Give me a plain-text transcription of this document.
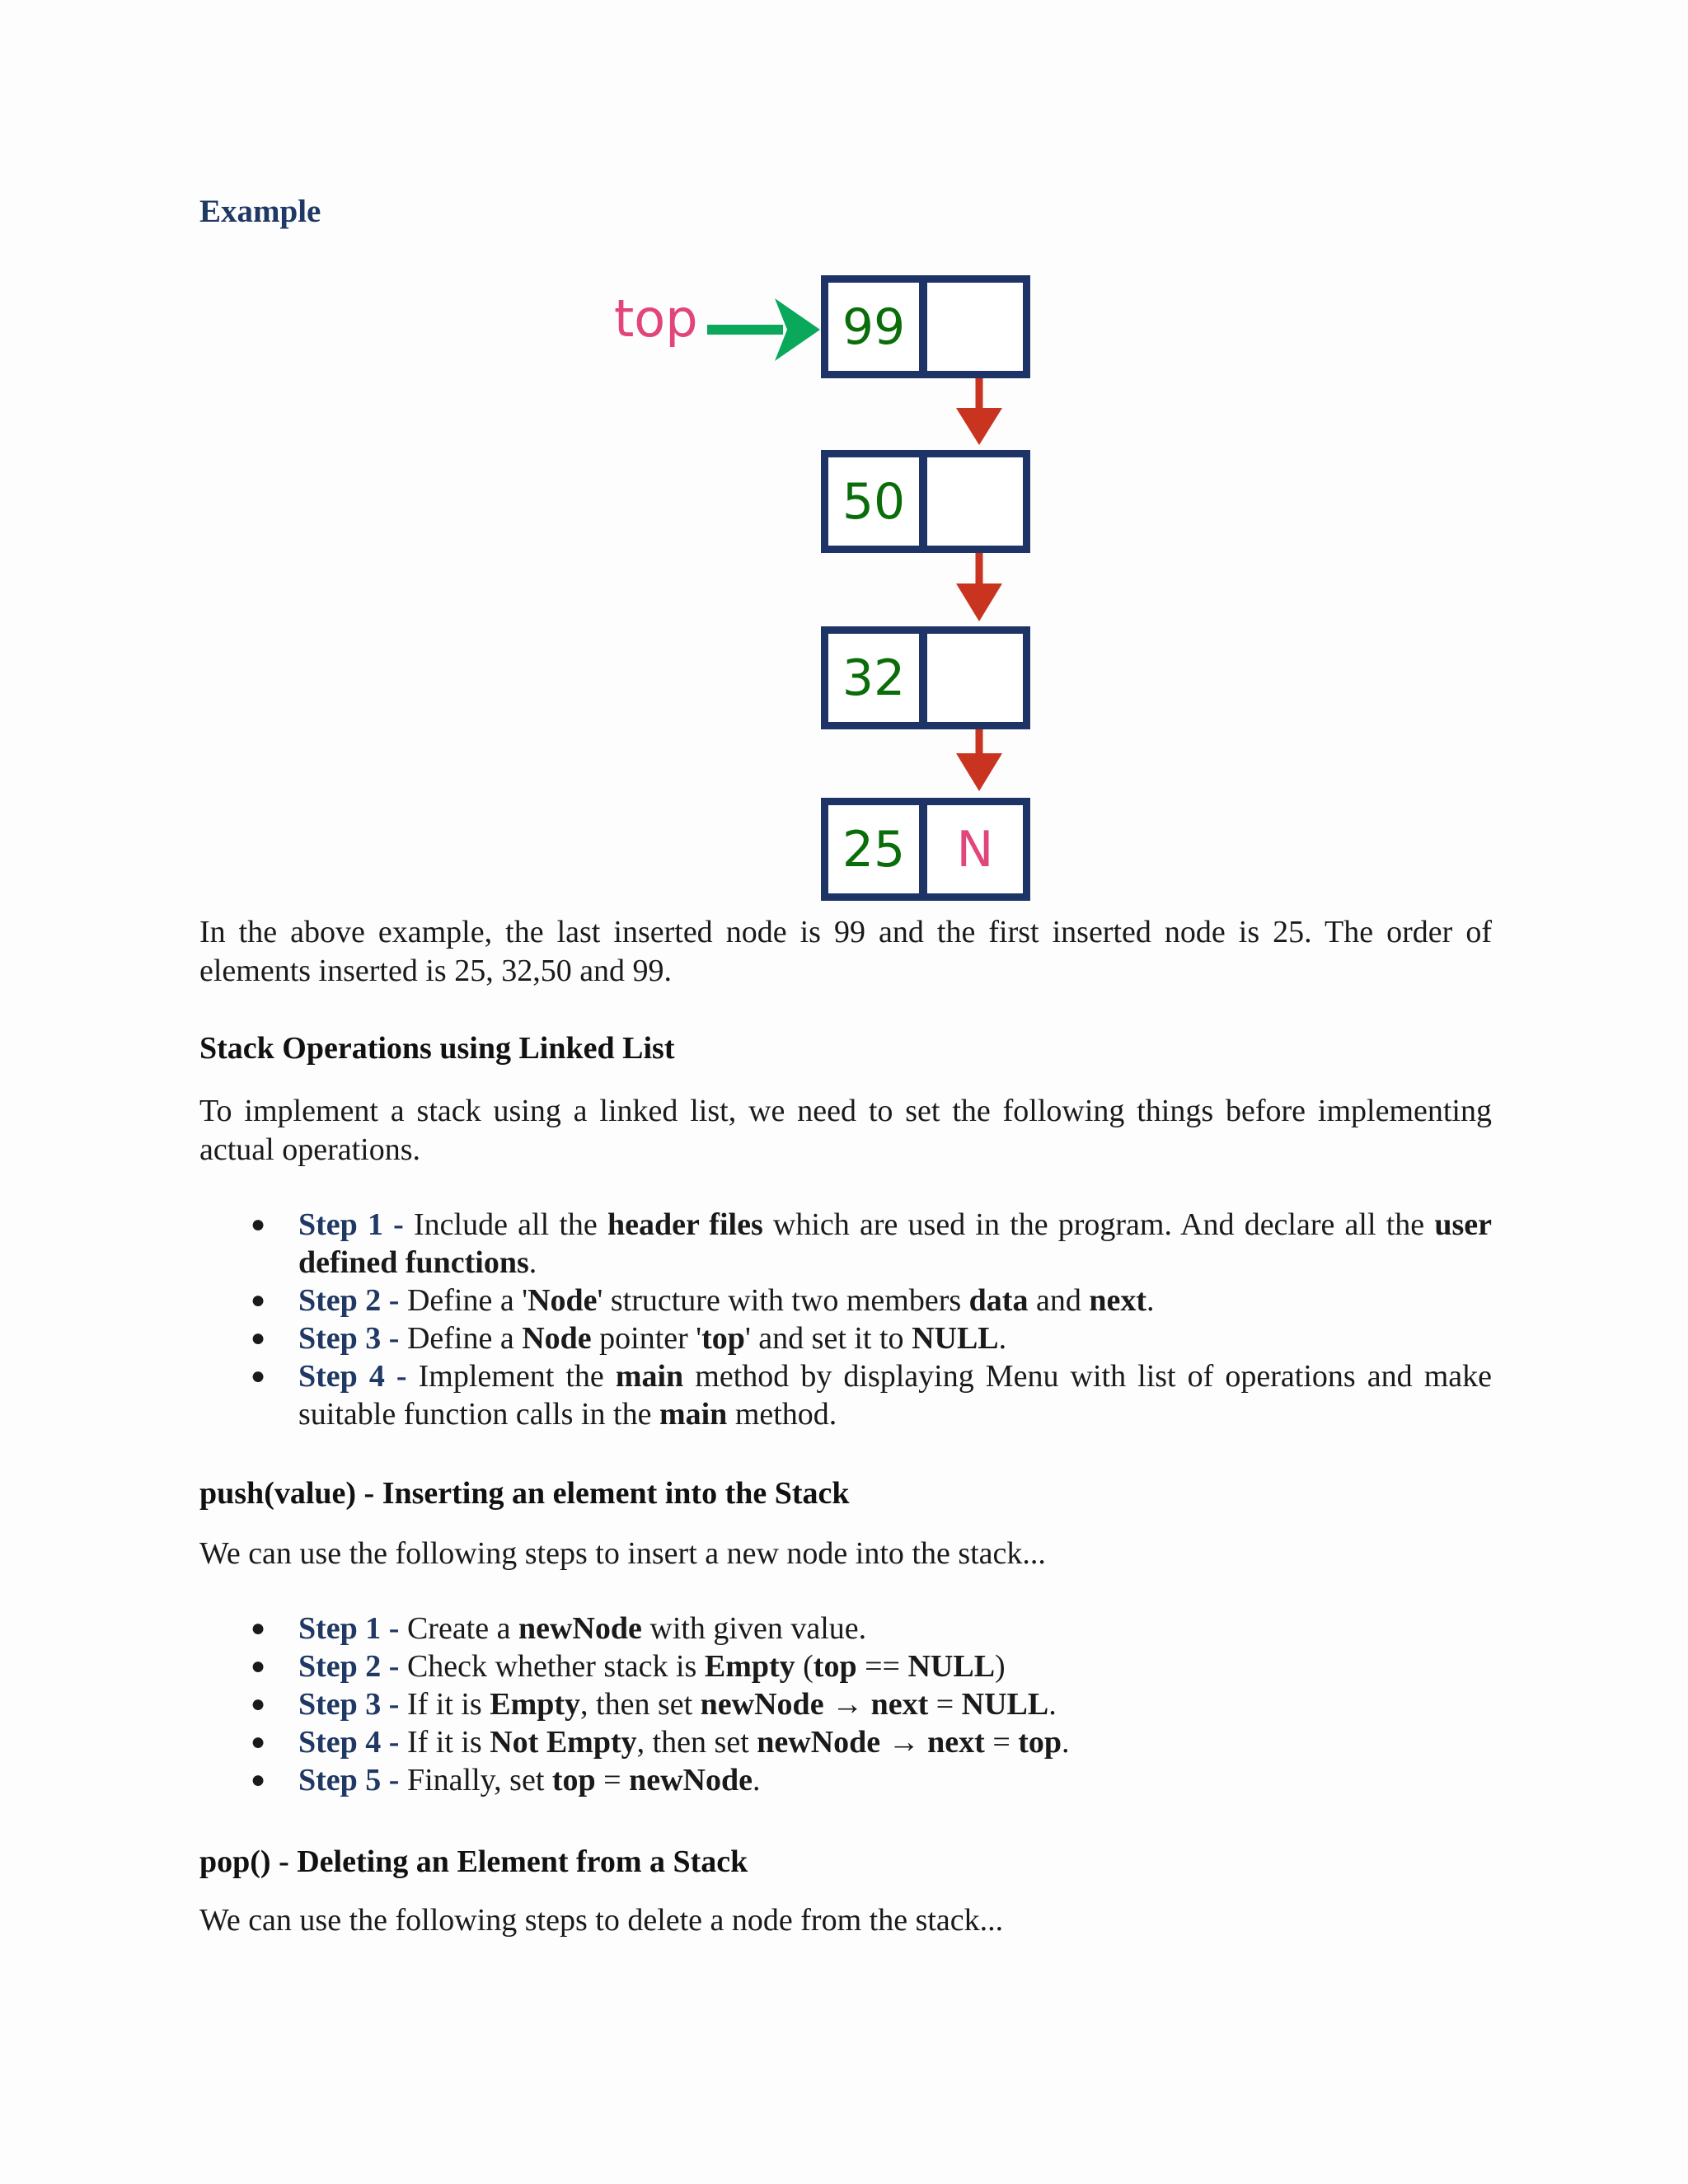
Example
top	99
50
32
25	N

In the above example, the last inserted node is 99 and the first inserted node is 25. The order of elements inserted is 25, 32,50 and 99.

Stack Operations using Linked List

To implement a stack using a linked list, we need to set the following things before implementing actual operations.

● Step 1 - Include all the header files which are used in the program. And declare all the user defined functions.
● Step 2 - Define a 'Node' structure with two members data and next.
● Step 3 - Define a Node pointer 'top' and set it to NULL.
● Step 4 - Implement the main method by displaying Menu with list of operations and make suitable function calls in the main method.
push(value) - Inserting an element into the Stack

We can use the following steps to insert a new node into the stack...

● Step 1 - Create a newNode with given value.
● Step 2 - Check whether stack is Empty (top == NULL)
● Step 3 - If it is Empty, then set newNode → next = NULL.
● Step 4 - If it is Not Empty, then set newNode → next = top.
● Step 5 - Finally, set top = newNode.
pop() - Deleting an Element from a Stack

We can use the following steps to delete a node from the stack...
